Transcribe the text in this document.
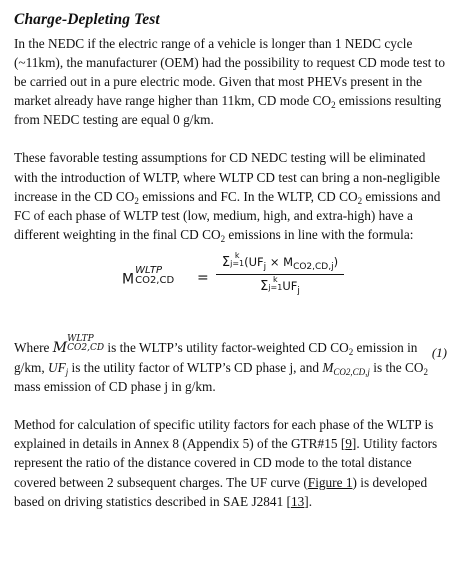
Charge-Depleting Test

In the NEDC if the electric range of a vehicle is longer than 1 NEDC cycle (~11km), the manufacturer (OEM) had the possibility to request CD mode test to be carried out in a pure electric mode. Given that most PHEVs present in the market already have range higher than 11km, CD mode $CO_2$ emissions resulting from NEDC testing are equal 0 g/km.

These favorable testing assumptions for CD NEDC testing will be eliminated with the introduction of WLTP, where WLTP CD test can bring a non-negligible increase in the CD $CO_2$ emissions and FC. In the WLTP, CD $CO_2$ emissions and FC of each phase of WLTP test (low, medium, high, and extra-high) have a different weighting in the final CD $CO_2$ emissions in line with the formula:

M
WLTP
CO2,CD =
Σ k
j=1 $(UF_j \times M_{CO2,CD,j})$
Σ k
j=1 $UF_j$
(1)

Where M
WLTP
CO2,CD is the WLTP’s utility factor-weighted CD $CO_2$ emission in g/km, $UF_j$ is the utility factor of WLTP’s CD phase j, and $M_{CO2,CD,j}$ is the $CO_2$ mass emission of CD phase j in g/km.

Method for calculation of specific utility factors for each phase of the WLTP is explained in details in Annex 8 (Appendix 5) of the GTR#15 [9]. Utility factors represent the ratio of the distance covered in CD mode to the total distance covered between 2 subsequent charges. The UF curve (Figure 1) is developed based on driving statistics described in SAE J2841 [13].
